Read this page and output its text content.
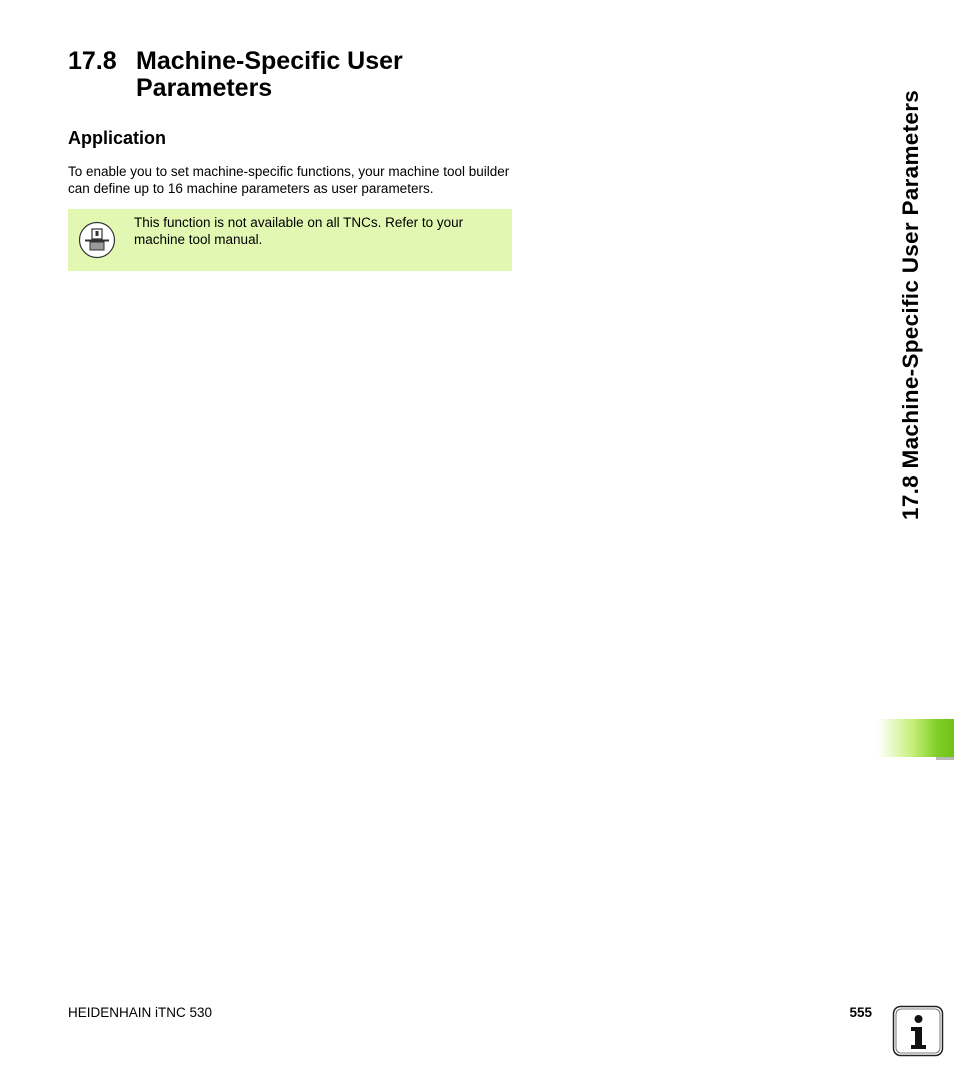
17.8 Machine-Specific User Parameters
Application
To enable you to set machine-specific functions, your machine tool builder can define up to 16 machine parameters as user parameters.
This function is not available on all TNCs. Refer to your machine tool manual.	17.8 Machine-Specific User Parameters
HEIDENHAIN iTNC 530	555
